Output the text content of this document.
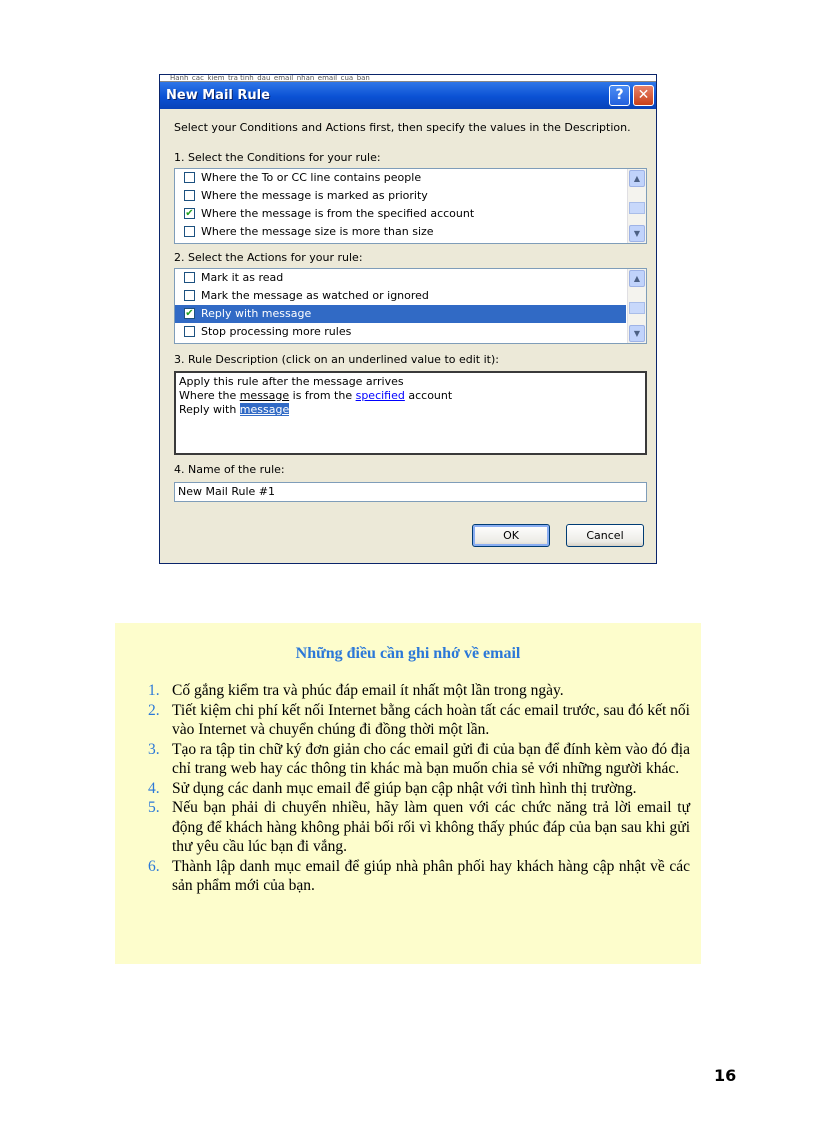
Hanh_cac_kiem_tra tinh_dau_email_nhan_email_cua_ban
New Mail Rule	?	✕
Select your Conditions and Actions first, then specify the values in the Description.
1. Select the Conditions for your rule:
Where the To or CC line contains people
Where the message is marked as priority
✔ Where the message is from the specified account
Where the message size is more than size
▲
▼
2. Select the Actions for your rule:
Mark it as read
Mark the message as watched or ignored
✔ Reply with message
Stop processing more rules
▲
▼
3. Rule Description (click on an underlined value to edit it):
Apply this rule after the message arrives
Where the message is from the specified account
Reply with message
4. Name of the rule:
New Mail Rule #1
OK	Cancel
Những điều cần ghi nhớ về email
1. Cố gắng kiểm tra và phúc đáp email ít nhất một lần trong ngày.
2. Tiết kiệm chi phí kết nối Internet bằng cách hoàn tất các email trước, sau đó kết nối vào Internet và chuyển chúng đi đồng thời một lần.
3. Tạo ra tập tin chữ ký đơn giản cho các email gửi đi của bạn để đính kèm vào đó địa chỉ trang web hay các thông tin khác mà bạn muốn chia sẻ với những người khác.
4. Sử dụng các danh mục email để giúp bạn cập nhật với tình hình thị trường.
5. Nếu bạn phải di chuyển nhiều, hãy làm quen với các chức năng trả lời email tự động để khách hàng không phải bối rối vì không thấy phúc đáp của bạn sau khi gửi thư yêu cầu lúc bạn đi vắng.
6. Thành lập danh mục email để giúp nhà phân phối hay khách hàng cập nhật về các sản phẩm mới của bạn.
16
